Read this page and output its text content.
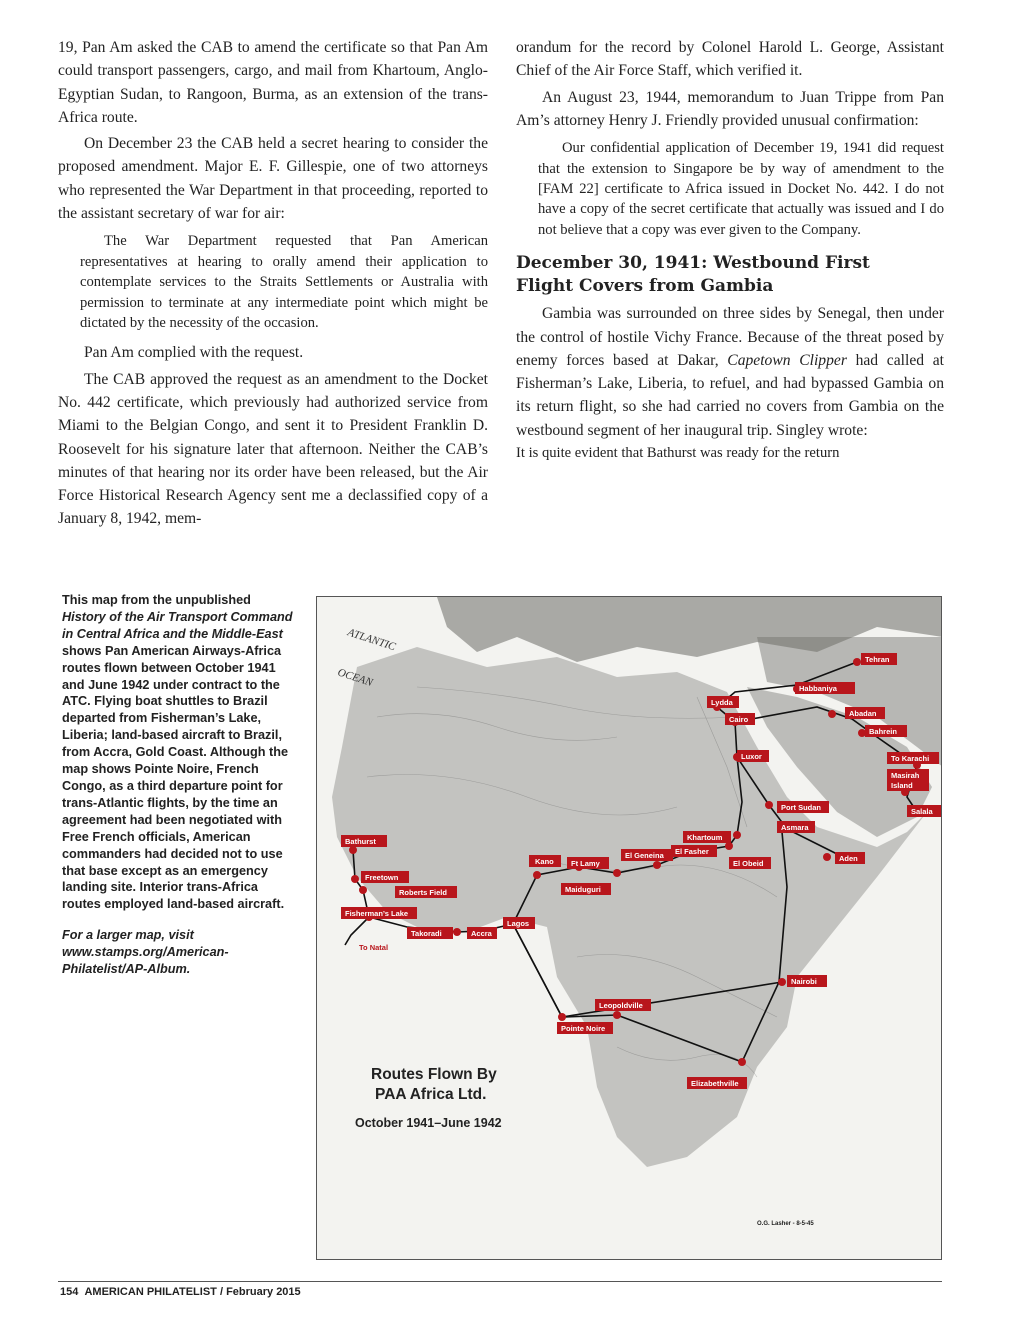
19, Pan Am asked the CAB to amend the certificate so that Pan Am could transport passengers, cargo, and mail from Khartoum, Anglo-Egyptian Sudan, to Rangoon, Burma, as an extension of the trans-Africa route.

On December 23 the CAB held a secret hearing to consider the proposed amendment. Major E. F. Gillespie, one of two attorneys who represented the War Department in that proceeding, reported to the assistant secretary of war for air:

The War Department requested that Pan American representatives at hearing to orally amend their application to contemplate services to the Straits Settlements or Australia with permission to terminate at any intermediate point which might be dictated by the necessity of the occasion.

Pan Am complied with the request.

The CAB approved the request as an amendment to the Docket No. 442 certificate, which previously had authorized service from Miami to the Belgian Congo, and sent it to President Franklin D. Roosevelt for his signature later that afternoon. Neither the CAB’s minutes of that hearing nor its order have been released, but the Air Force Historical Research Agency sent me a declassified copy of a January 8, 1942, mem-

orandum for the record by Colonel Harold L. George, Assistant Chief of the Air Force Staff, which verified it.

An August 23, 1944, memorandum to Juan Trippe from Pan Am’s attorney Henry J. Friendly provided unusual confirmation:

Our confidential application of December 19, 1941 did request that the extension to Singapore be by way of amendment to the [FAM 22] certificate to Africa issued in Docket No. 442. I do not have a copy of the secret certificate that actually was issued and I do not believe that a copy was ever given to the Company.

December 30, 1941: Westbound First
Flight Covers from Gambia

Gambia was surrounded on three sides by Senegal, then under the control of hostile Vichy France. Because of the threat posed by enemy forces based at Dakar, Capetown Clipper had called at Fisherman’s Lake, Liberia, to refuel, and had bypassed Gambia on its return flight, so she had carried no covers from Gambia on the westbound segment of her inaugural trip. Singley wrote:

It is quite evident that Bathurst was ready for the return

This map from the unpublished History of the Air Transport Command in Central Africa and the Middle-East shows Pan American Airways-Africa routes flown between October 1941 and June 1942 under contract to the ATC. Flying boat shuttles to Brazil departed from Fisherman’s Lake, Liberia; land-based aircraft to Brazil, from Accra, Gold Coast. Although the map shows Pointe Noire, French Congo, as a third departure point for trans-Atlantic flights, by the time an agreement had been negotiated with Free French officials, American commanders had decided not to use that base except as an emergency landing site. Interior trans-Africa routes employed land-based aircraft.
For a larger map, visit
www.stamps.org/American-
Philatelist/AP-Album.
ATLANTIC
OCEAN
Tehran
Habbaniya
Lydda
Cairo
Abadan
Bahrein
Luxor	To Karachi
Masirah
Island
Port Sudan	Salala
Asmara
Bathurst	Khartoum
El Geneina El Fasher
Kano Ft Lamy	El Obeid
Aden
Freetown
Maiduguri
Roberts Field
Fisherman’s Lake
Takoradi	Accra
Lagos
To Natal
Nairobi
Leopoldville
Pointe Noire
Elizabethville
Routes Flown By
PAA Africa Ltd.
October 1941–June 1942
O.G. Lasher - 8-5-45
154 AMERICAN PHILATELIST / February 2015
